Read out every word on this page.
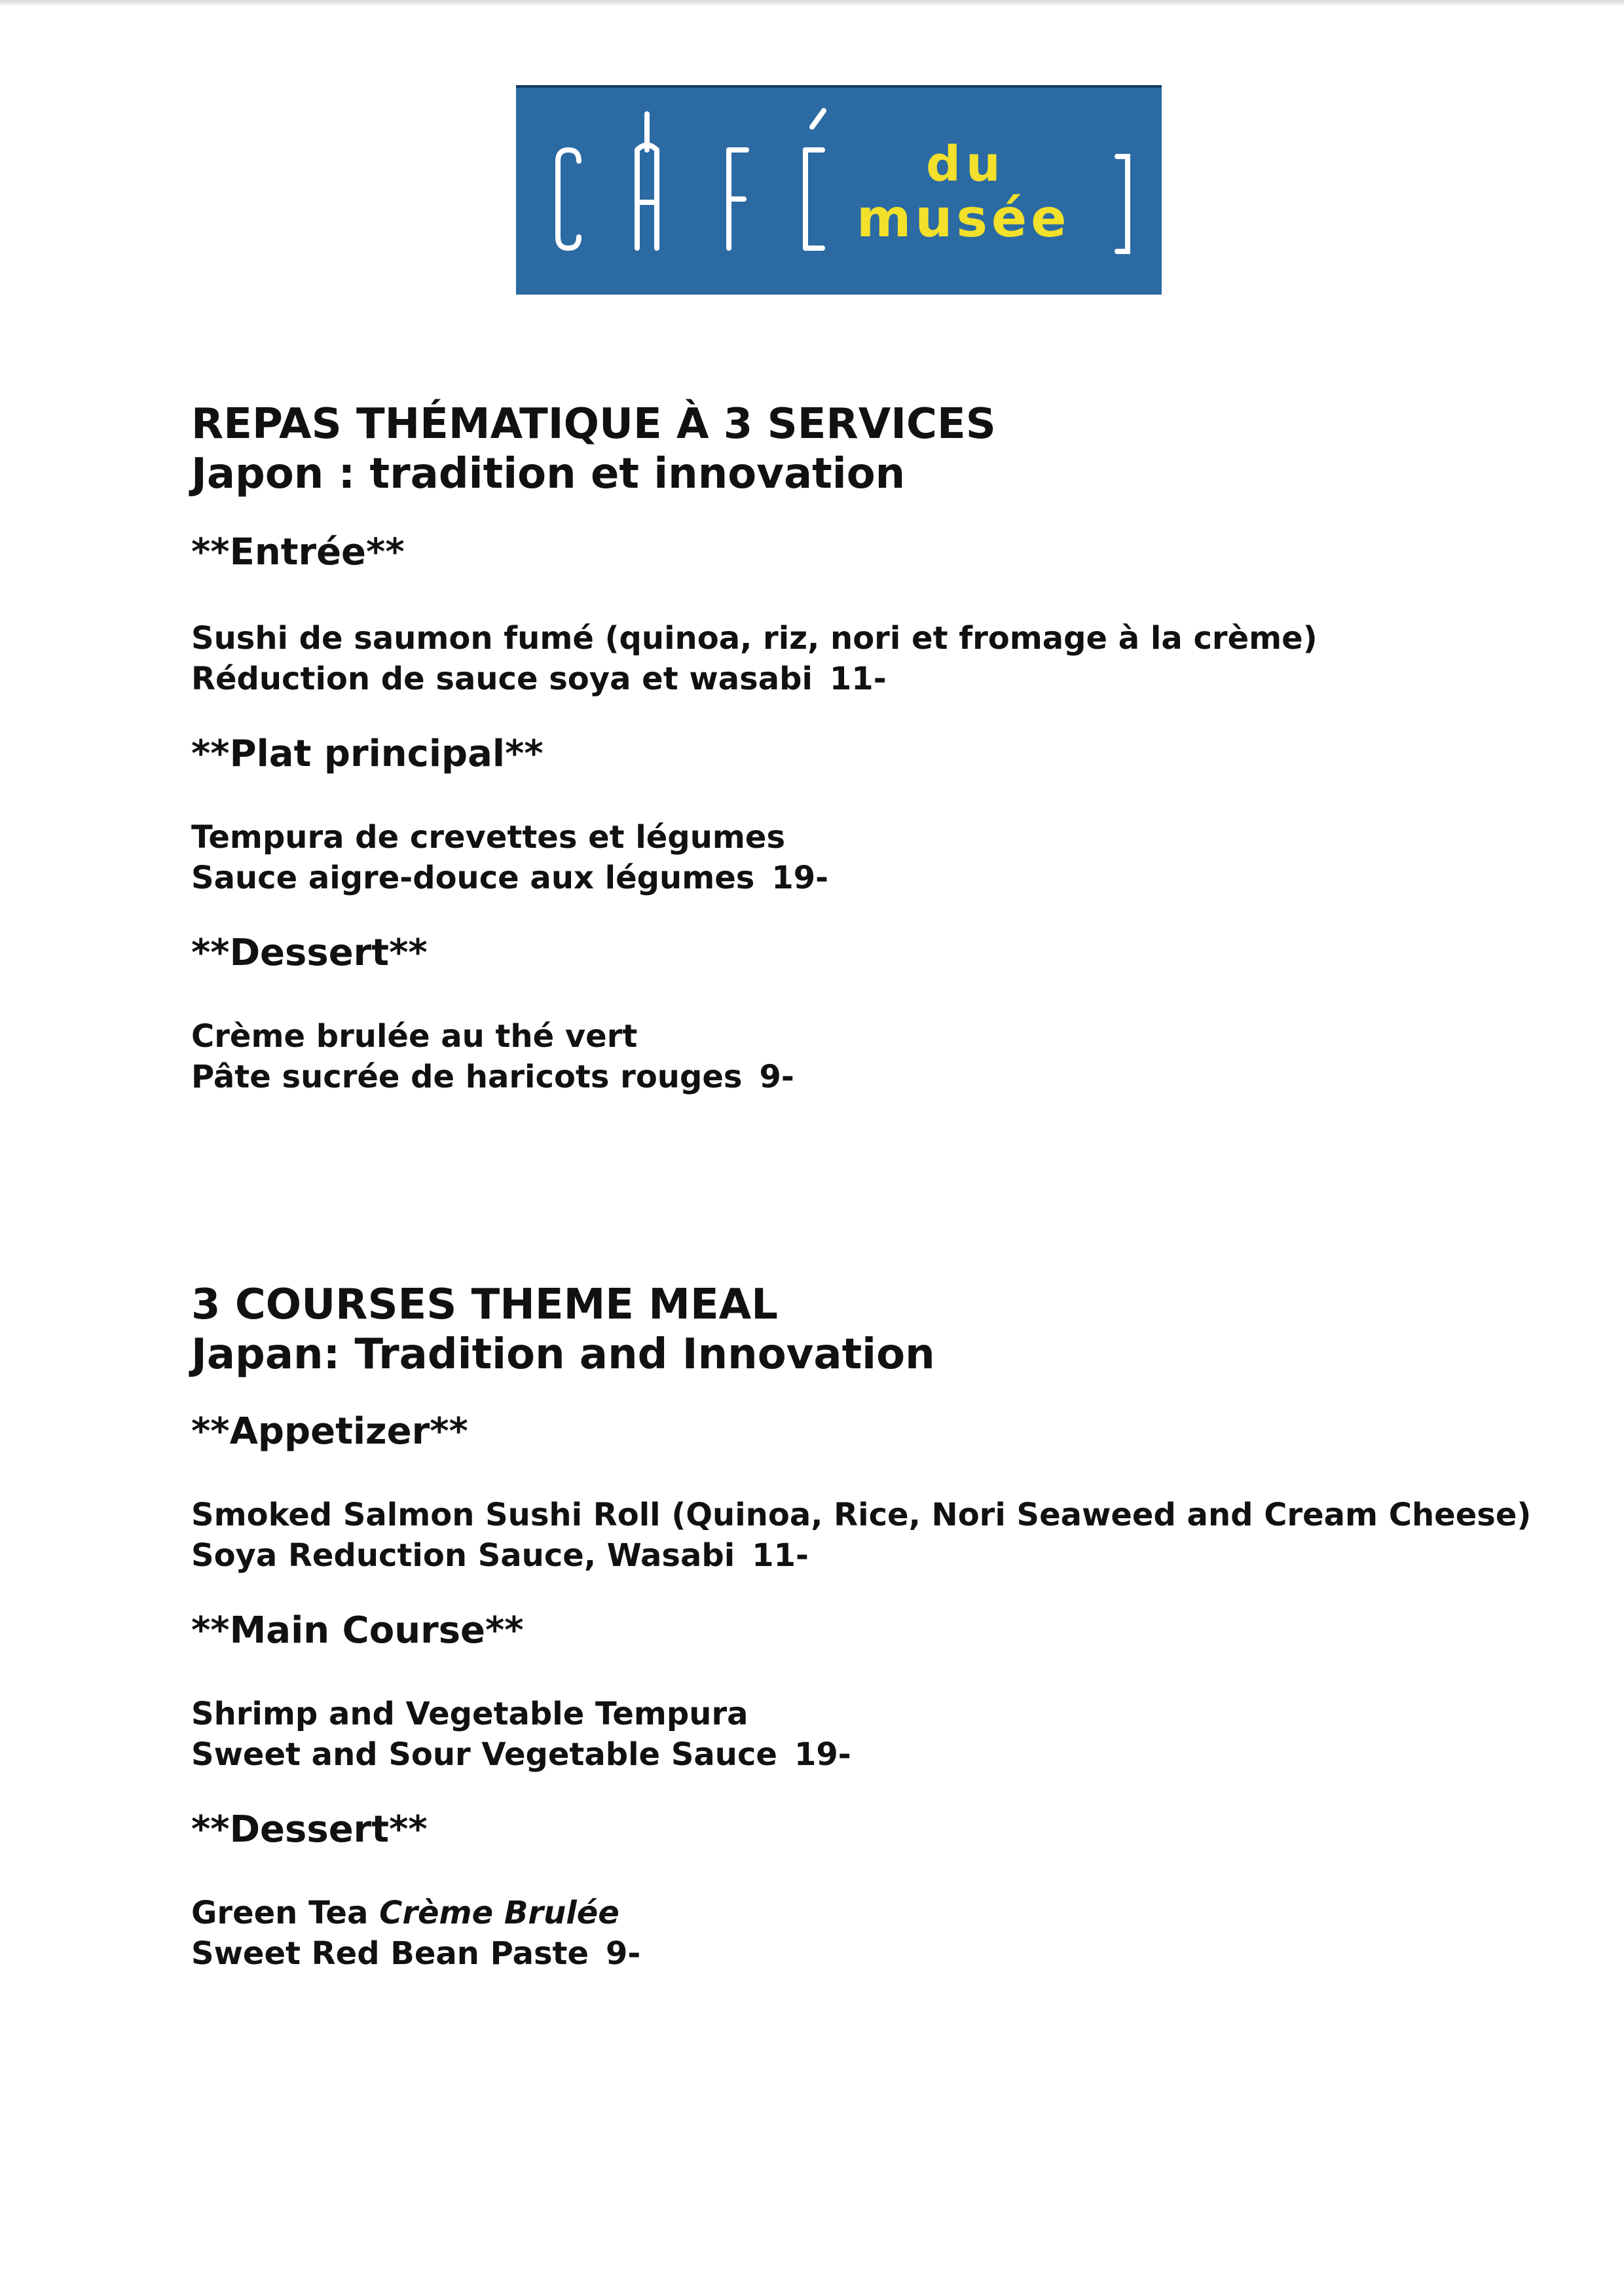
du
musée

REPAS THÉMATIQUE À 3 SERVICES

Japon : tradition et innovation

**Entrée**

Sushi de saumon fumé (quinoa, riz, nori et fromage à la crème)

Réduction de sauce soya et wasabi 11-

**Plat principal**

Tempura de crevettes et légumes

Sauce aigre-douce aux légumes 19-

**Dessert**

Crème brulée au thé vert

Pâte sucrée de haricots rouges 9-

3 COURSES THEME MEAL

Japan: Tradition and Innovation

**Appetizer**

Smoked Salmon Sushi Roll (Quinoa, Rice, Nori Seaweed and Cream Cheese)

Soya Reduction Sauce, Wasabi 11-

**Main Course**

Shrimp and Vegetable Tempura

Sweet and Sour Vegetable Sauce 19-

**Dessert**

Green Tea Crème Brulée

Sweet Red Bean Paste 9-
